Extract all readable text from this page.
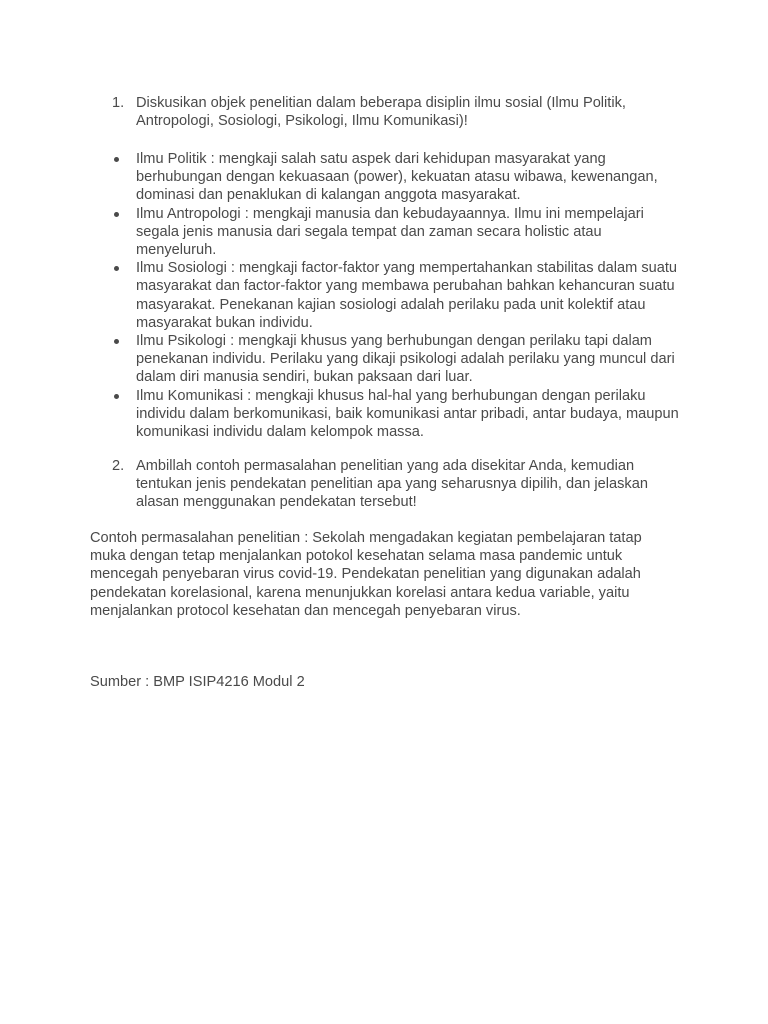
1. Diskusikan objek penelitian dalam beberapa disiplin ilmu sosial (Ilmu Politik, Antropologi, Sosiologi, Psikologi, Ilmu Komunikasi)!
Ilmu Politik : mengkaji salah satu aspek dari kehidupan masyarakat yang berhubungan dengan kekuasaan (power), kekuatan atasu wibawa, kewenangan, dominasi dan penaklukan di kalangan anggota masyarakat.
Ilmu Antropologi : mengkaji manusia dan kebudayaannya. Ilmu ini mempelajari segala jenis manusia dari segala tempat dan zaman secara holistic atau menyeluruh.
Ilmu Sosiologi : mengkaji factor-faktor yang mempertahankan stabilitas dalam suatu masyarakat dan factor-faktor yang membawa perubahan bahkan kehancuran suatu masyarakat. Penekanan kajian sosiologi adalah perilaku pada unit kolektif atau masyarakat bukan individu.
Ilmu Psikologi : mengkaji khusus yang berhubungan dengan perilaku tapi dalam penekanan individu. Perilaku yang dikaji psikologi adalah perilaku yang muncul dari dalam diri manusia sendiri, bukan paksaan dari luar.
Ilmu Komunikasi : mengkaji khusus hal-hal yang berhubungan dengan perilaku individu dalam berkomunikasi, baik komunikasi antar pribadi, antar budaya, maupun komunikasi individu dalam kelompok massa.
2. Ambillah contoh permasalahan penelitian yang ada disekitar Anda, kemudian tentukan jenis pendekatan penelitian apa yang seharusnya dipilih, dan jelaskan alasan menggunakan pendekatan tersebut!
Contoh permasalahan penelitian : Sekolah mengadakan kegiatan pembelajaran tatap muka dengan tetap menjalankan potokol kesehatan selama masa pandemic untuk mencegah penyebaran virus covid-19. Pendekatan penelitian yang digunakan adalah pendekatan korelasional, karena menunjukkan korelasi antara kedua variable, yaitu menjalankan protocol kesehatan dan mencegah penyebaran virus.
Sumber : BMP ISIP4216 Modul 2
